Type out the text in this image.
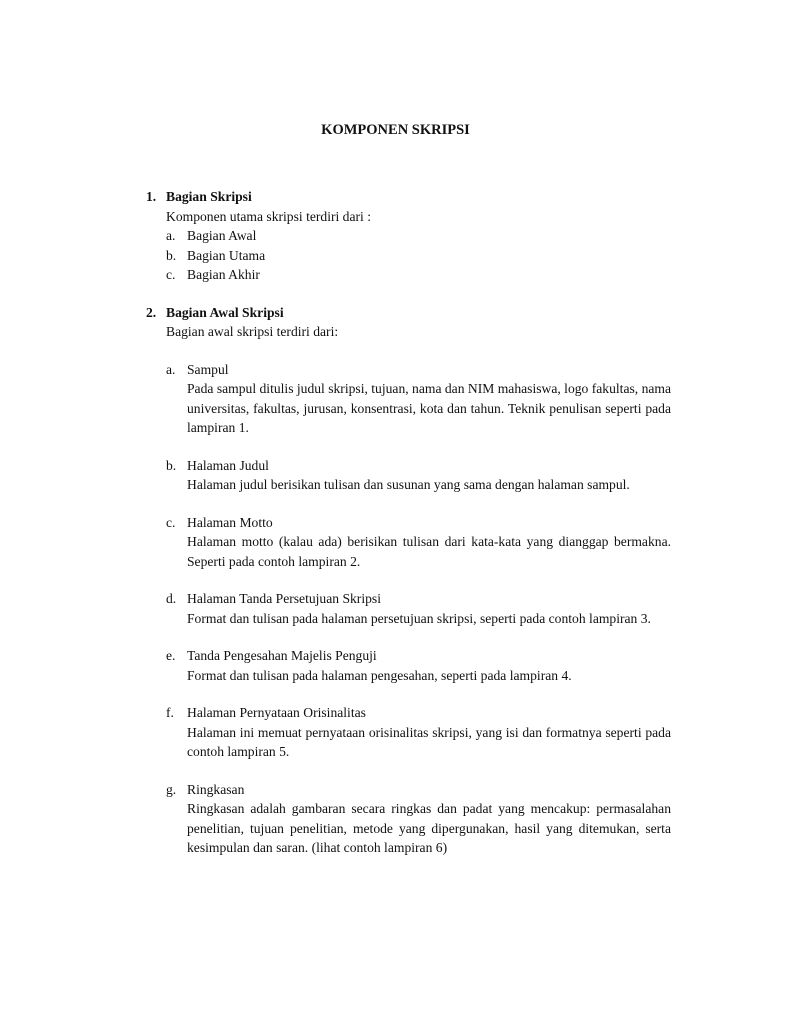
KOMPONEN SKRIPSI
1. Bagian Skripsi
Komponen utama skripsi terdiri dari :
a. Bagian Awal
b. Bagian Utama
c. Bagian Akhir
2. Bagian Awal Skripsi
Bagian awal skripsi terdiri dari:
a. Sampul
Pada sampul ditulis judul skripsi, tujuan, nama dan NIM mahasiswa, logo fakultas, nama universitas, fakultas, jurusan, konsentrasi, kota dan tahun. Teknik penulisan seperti pada lampiran 1.
b. Halaman Judul
Halaman judul berisikan tulisan dan susunan yang sama dengan halaman sampul.
c. Halaman Motto
Halaman motto (kalau ada) berisikan tulisan dari kata-kata yang dianggap bermakna. Seperti pada contoh lampiran 2.
d. Halaman Tanda Persetujuan Skripsi
Format dan tulisan pada halaman persetujuan skripsi, seperti pada contoh lampiran 3.
e. Tanda Pengesahan Majelis Penguji
Format dan tulisan pada halaman pengesahan, seperti pada lampiran 4.
f. Halaman Pernyataan Orisinalitas
Halaman ini memuat pernyataan orisinalitas skripsi, yang isi dan formatnya seperti pada contoh lampiran 5.
g. Ringkasan
Ringkasan adalah gambaran secara ringkas dan padat yang mencakup: permasalahan penelitian, tujuan penelitian, metode yang dipergunakan, hasil yang ditemukan, serta kesimpulan dan saran. (lihat contoh lampiran 6)
